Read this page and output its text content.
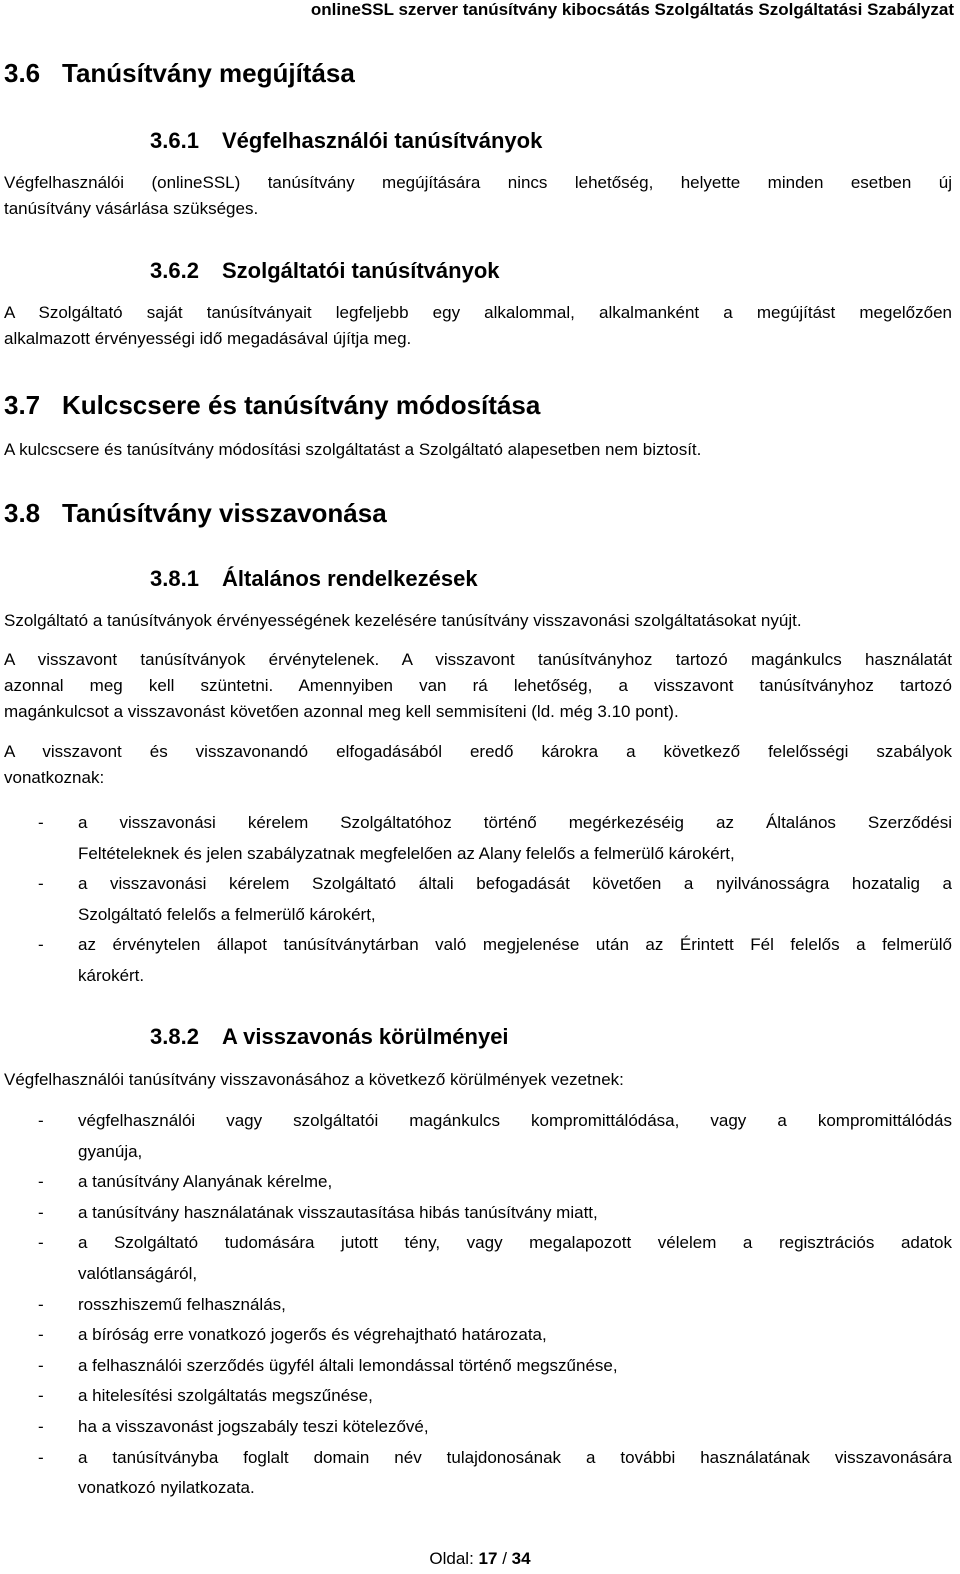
onlineSSL szerver tanúsítvány kibocsátás Szolgáltatás Szolgáltatási Szabályzat
3.6 Tanúsítvány megújítása
3.6.1 Végfelhasználói tanúsítványok

Végfelhasználói (onlineSSL) tanúsítvány megújítására nincs lehetőség, helyette minden esetben új
tanúsítvány vásárlása szükséges.

3.6.2 Szolgáltatói tanúsítványok

A Szolgáltató saját tanúsítványait legfeljebb egy alkalommal, alkalmanként a megújítást megelőzően
alkalmazott érvényességi idő megadásával újítja meg.

3.7 Kulcscsere és tanúsítvány módosítása

A kulcscsere és tanúsítvány módosítási szolgáltatást a Szolgáltató alapesetben nem biztosít.

3.8 Tanúsítvány visszavonása
3.8.1 Általános rendelkezések

Szolgáltató a tanúsítványok érvényességének kezelésére tanúsítvány visszavonási szolgáltatásokat nyújt.

A visszavont tanúsítványok érvénytelenek. A visszavont tanúsítványhoz tartozó magánkulcs használatát
azonnal meg kell szüntetni. Amennyiben van rá lehetőség, a visszavont tanúsítványhoz tartozó
magánkulcsot a visszavonást követően azonnal meg kell semmisíteni (ld. még 3.10 pont).

A visszavont és visszavonandó elfogadásából eredő károkra a következő felelősségi szabályok
vonatkoznak:

- a visszavonási kérelem Szolgáltatóhoz történő megérkezéséig az Általános Szerződési
Feltételeknek és jelen szabályzatnak megfelelően az Alany felelős a felmerülő károkért,
- a visszavonási kérelem Szolgáltató általi befogadását követően a nyilvánosságra hozatalig a
Szolgáltató felelős a felmerülő károkért,
- az érvénytelen állapot tanúsítványtárban való megjelenése után az Érintett Fél felelős a felmerülő
károkért.
3.8.2 A visszavonás körülményei

Végfelhasználói tanúsítvány visszavonásához a következő körülmények vezetnek:

- végfelhasználói vagy szolgáltatói magánkulcs kompromittálódása, vagy a kompromittálódás
gyanúja,
- a tanúsítvány Alanyának kérelme,
- a tanúsítvány használatának visszautasítása hibás tanúsítvány miatt,
- a Szolgáltató tudomására jutott tény, vagy megalapozott vélelem a regisztrációs adatok
valótlanságáról,
- rosszhiszemű felhasználás,
- a bíróság erre vonatkozó jogerős és végrehajtható határozata,
- a felhasználói szerződés ügyfél általi lemondással történő megszűnése,
- a hitelesítési szolgáltatás megszűnése,
- ha a visszavonást jogszabály teszi kötelezővé,
- a tanúsítványba foglalt domain név tulajdonosának a további használatának visszavonására
vonatkozó nyilatkozata.
Oldal: 17 / 34
